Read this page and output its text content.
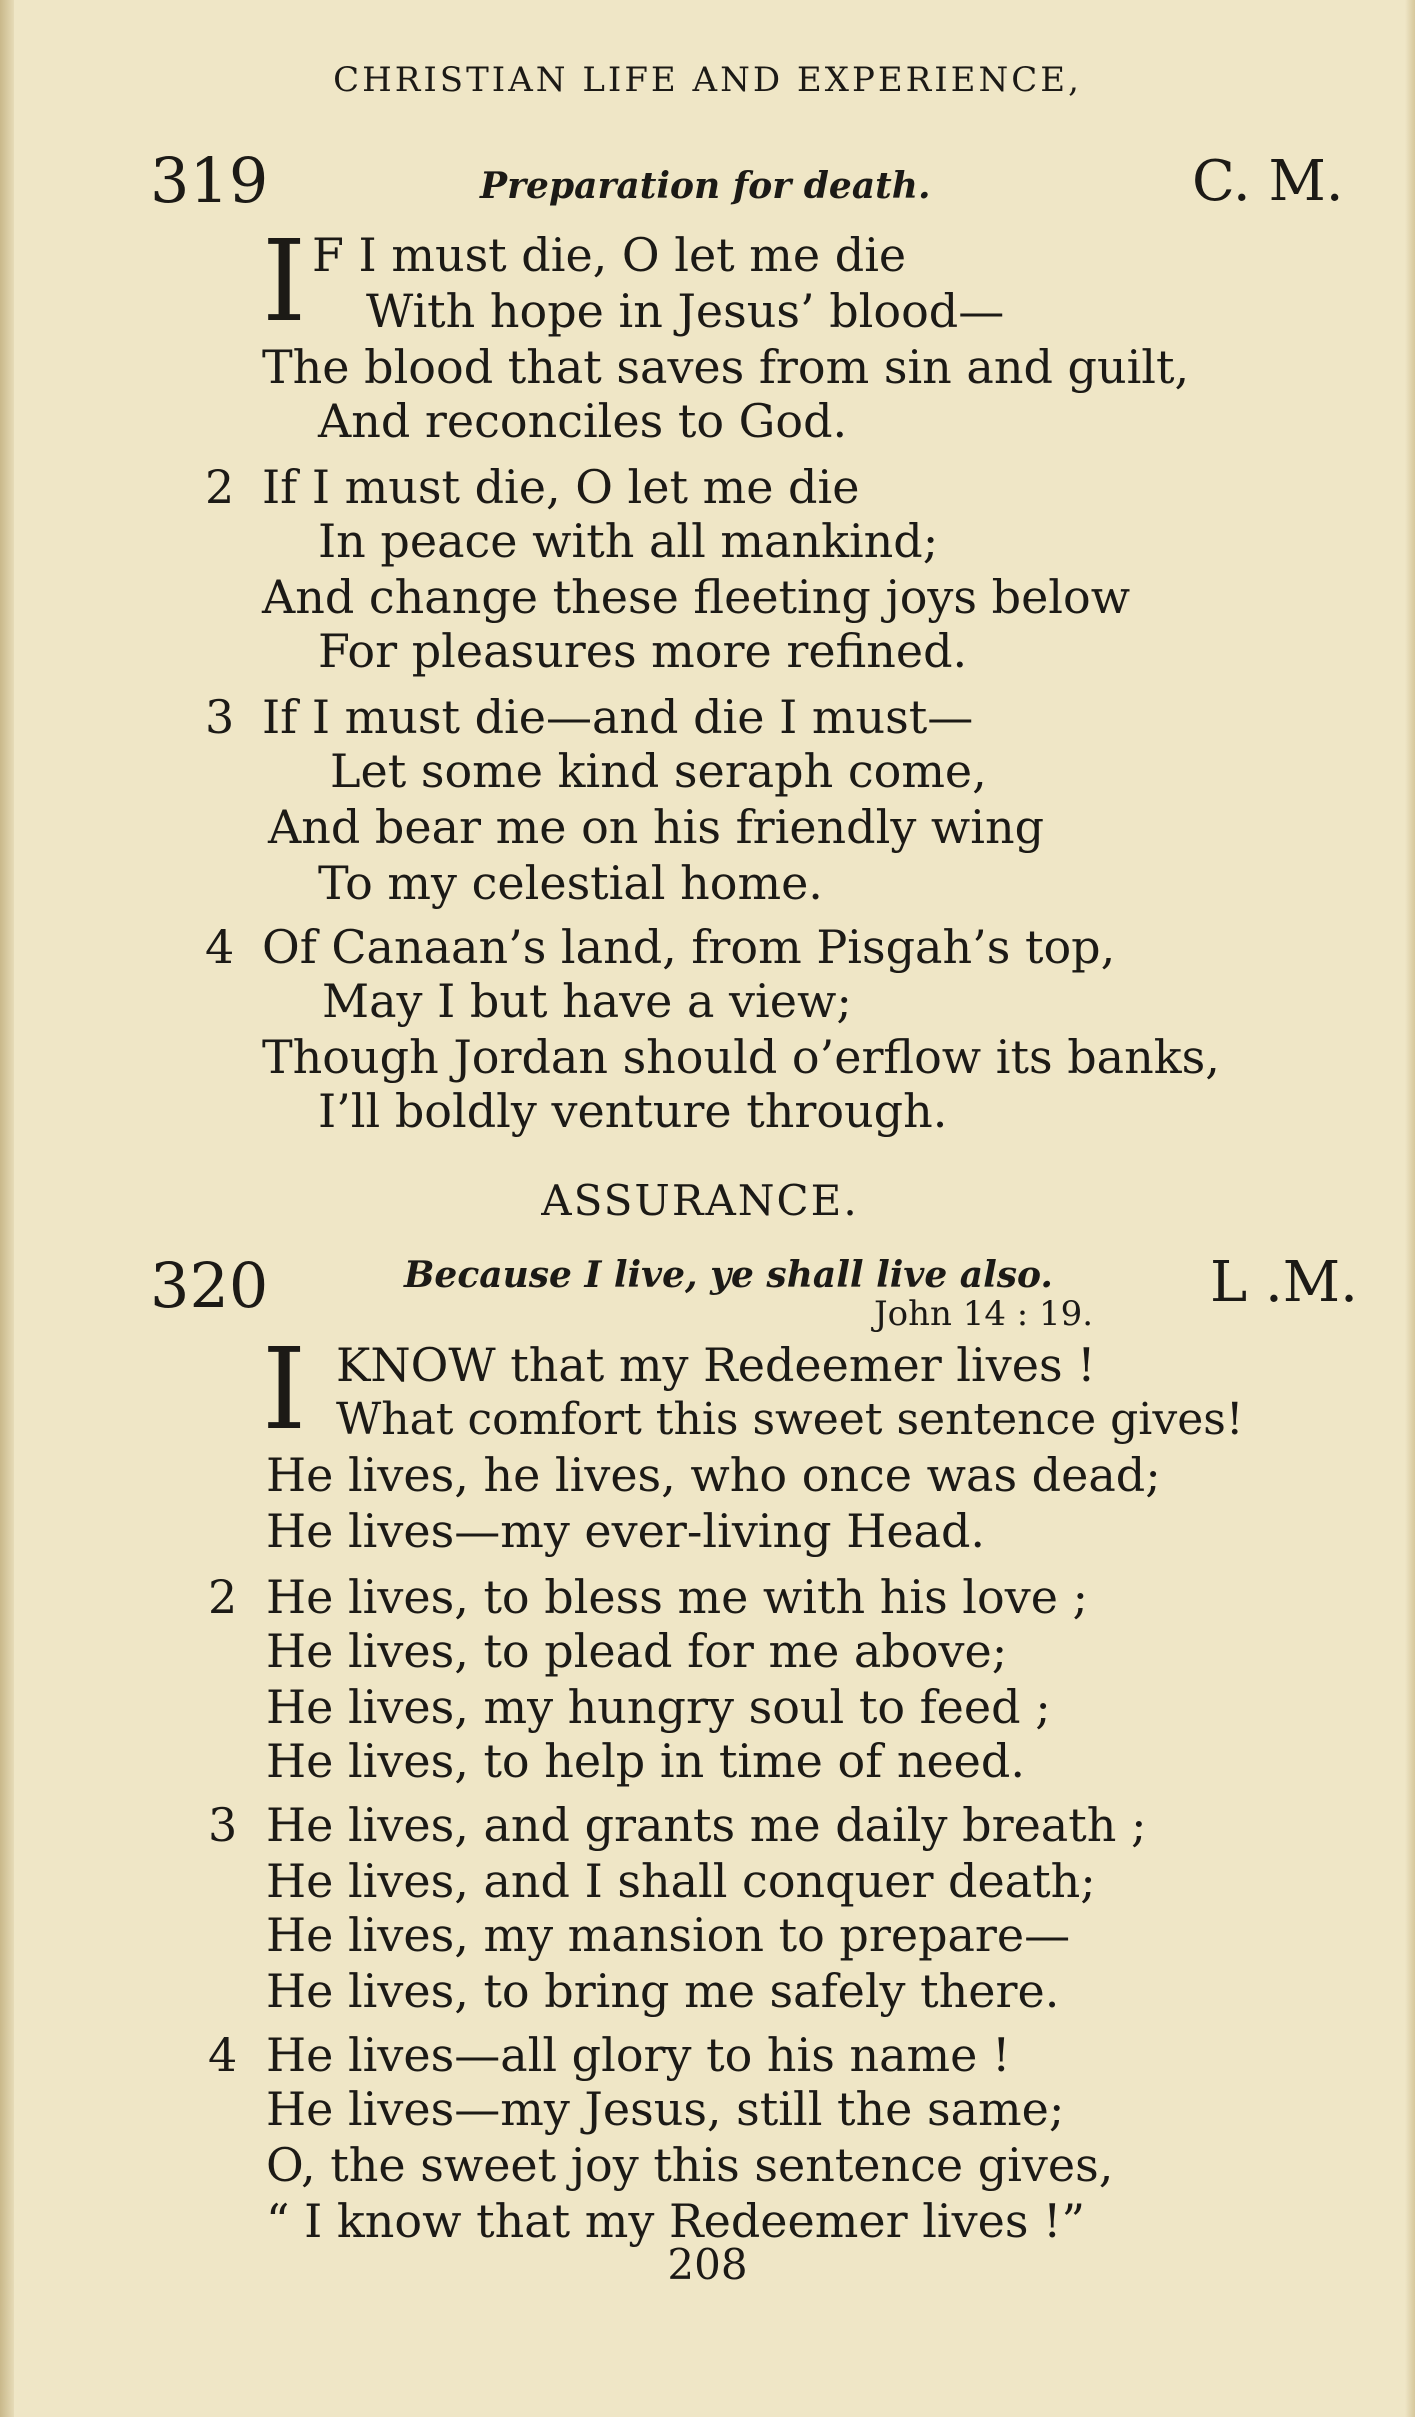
CHRISTIAN LIFE AND EXPERIENCE,
319	Preparation for death.	C. M.
I F I must die, O let me die
With hope in Jesus’ blood—
The blood that saves from sin and guilt,
And reconciles to God.
2 If I must die, O let me die
In peace with all mankind;
And change these fleeting joys below
For pleasures more refined.
3 If I must die—and die I must—
Let some kind seraph come,
And bear me on his friendly wing
To my celestial home.
4 Of Canaan’s land, from Pisgah’s top,
May I but have a view;
Though Jordan should o’erflow its banks,
I’ll boldly venture through.
ASSURANCE.
320	Because I live, ye shall live also.
John 14 : 19. L .M.
I KNOW that my Redeemer lives !
What comfort this sweet sentence gives!
He lives, he lives, who once was dead;
He lives—my ever-living Head.
2 He lives, to bless me with his love ;
He lives, to plead for me above;
He lives, my hungry soul to feed ;
He lives, to help in time of need.
3 He lives, and grants me daily breath ;
He lives, and I shall conquer death;
He lives, my mansion to prepare—
He lives, to bring me safely there.
4 He lives—all glory to his name !
He lives—my Jesus, still the same;
O, the sweet joy this sentence gives,
“ I know that my Redeemer lives !”
208
